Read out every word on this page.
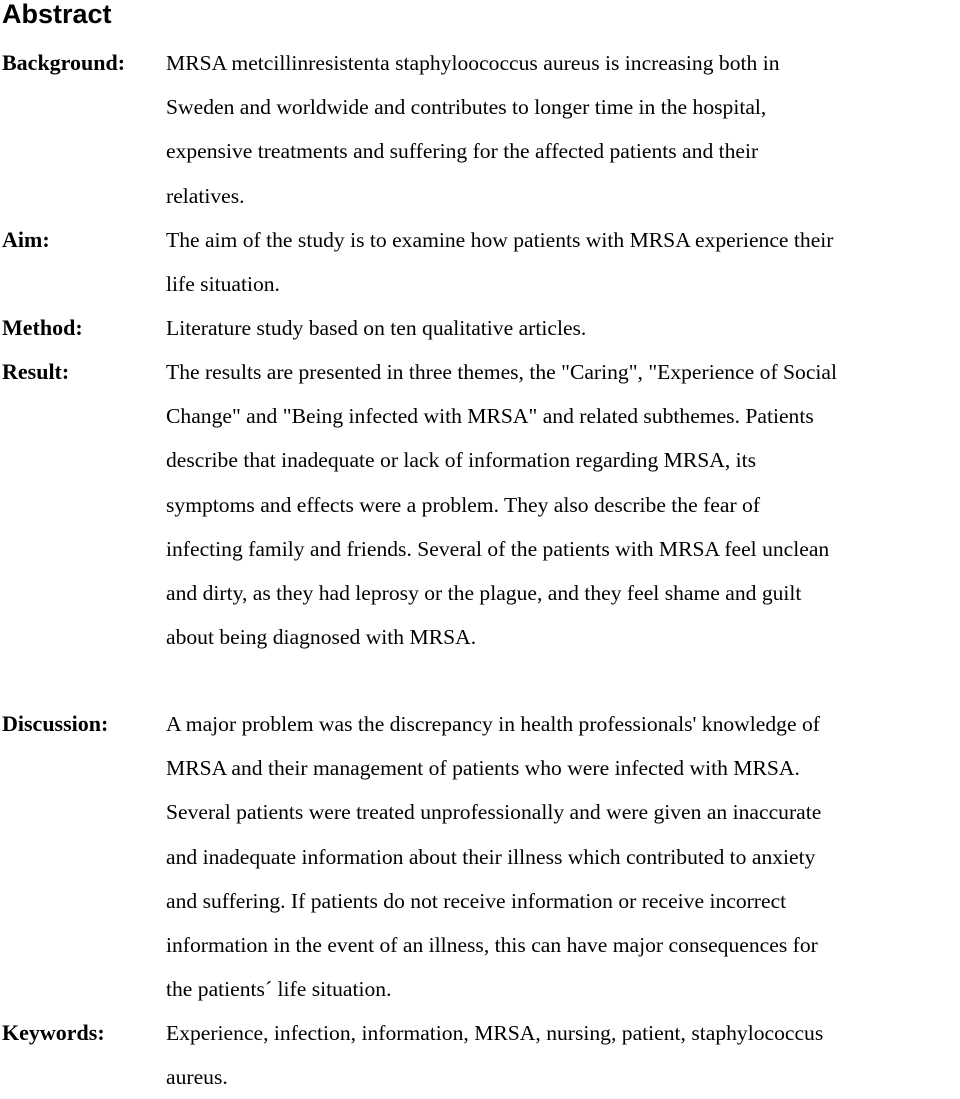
Abstract
Background: MRSA metcillinresistenta staphyloococcus aureus is increasing both in
Sweden and worldwide and contributes to longer time in the hospital,
expensive treatments and suffering for the affected patients and their
relatives.
Aim:	The aim of the study is to examine how patients with MRSA experience their
life situation.
Method:	Literature study based on ten qualitative articles.
Result:	The results are presented in three themes, the "Caring", "Experience of Social
Change" and "Being infected with MRSA" and related subthemes. Patients
describe that inadequate or lack of information regarding MRSA, its
symptoms and effects were a problem. They also describe the fear of
infecting family and friends. Several of the patients with MRSA feel unclean
and dirty, as they had leprosy or the plague, and they feel shame and guilt
about being diagnosed with MRSA.
Discussion:	A major problem was the discrepancy in health professionals' knowledge of
MRSA and their management of patients who were infected with MRSA.
Several patients were treated unprofessionally and were given an inaccurate
and inadequate information about their illness which contributed to anxiety
and suffering. If patients do not receive information or receive incorrect
information in the event of an illness, this can have major consequences for
the patients´ life situation.
Keywords:	Experience, infection, information, MRSA, nursing, patient, staphylococcus
aureus.
